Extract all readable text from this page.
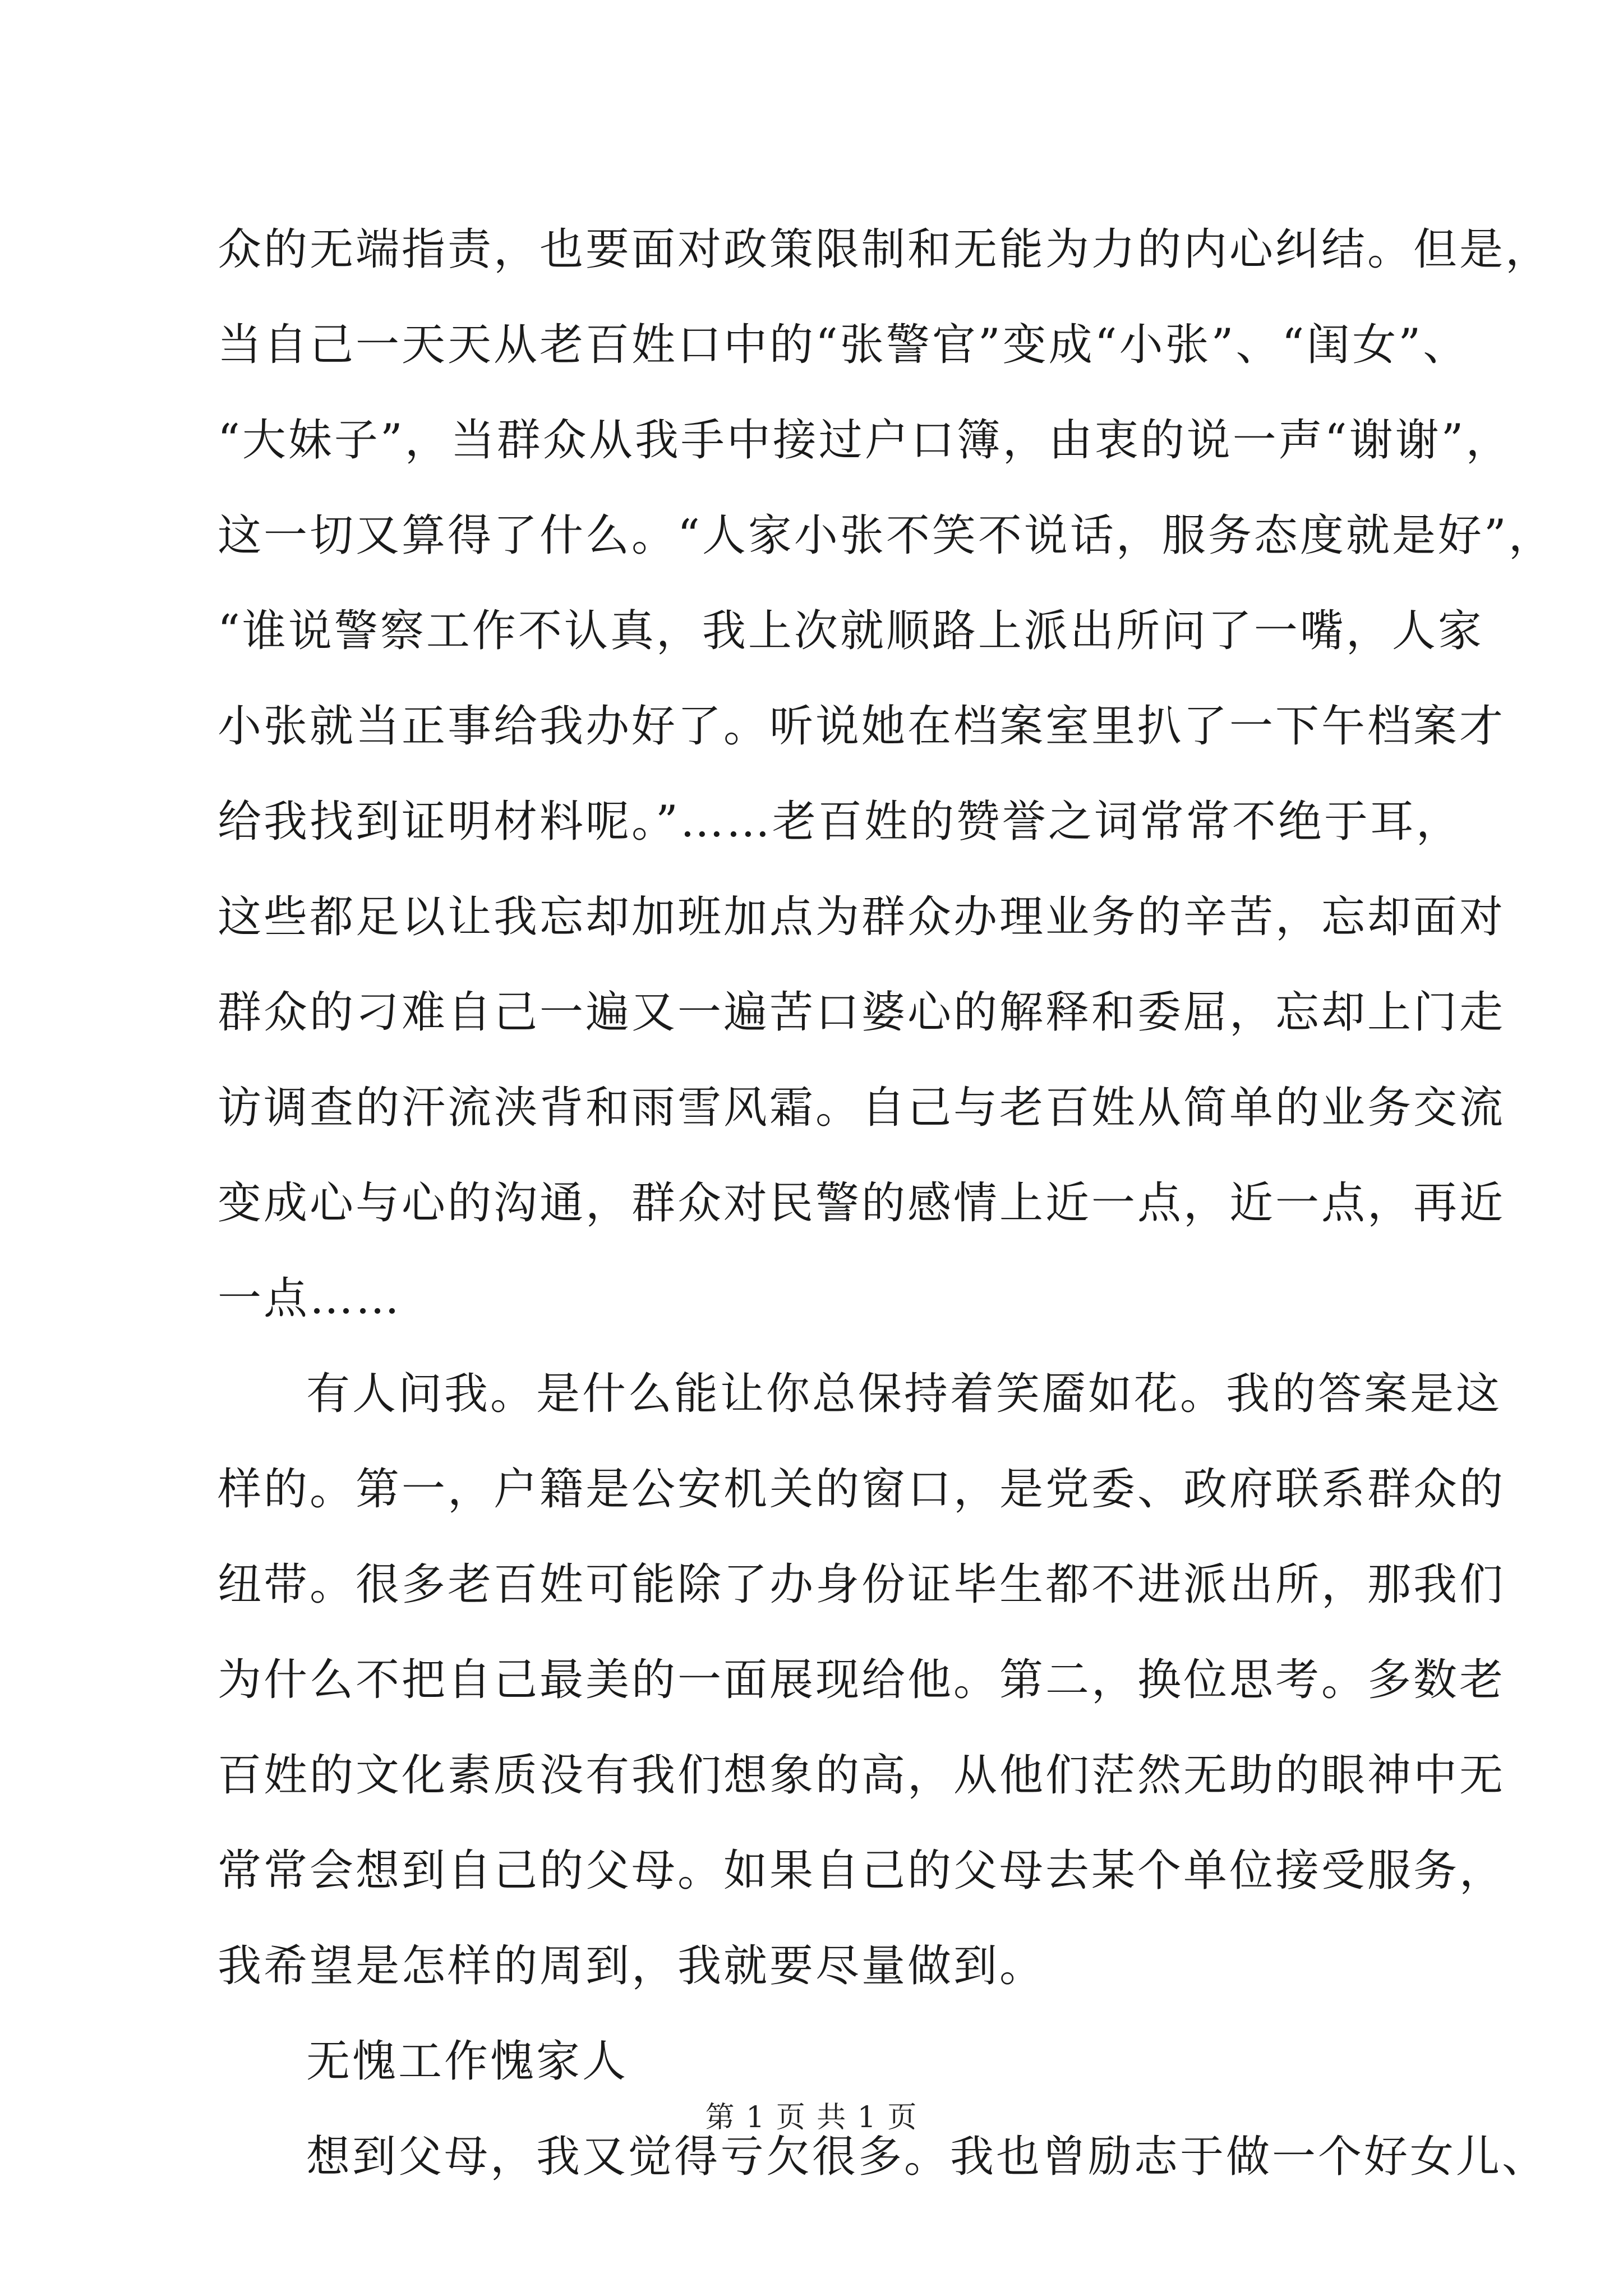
众的无端指责，也要面对政策限制和无能为力的内心纠结。但是，
当自己一天天从老百姓口中的“张警官”变成“小张”、“闺女”、
“大妹子”，当群众从我手中接过户口簿，由衷的说一声“谢谢”，
这一切又算得了什么。“人家小张不笑不说话，服务态度就是好”，
“谁说警察工作不认真，我上次就顺路上派出所问了一嘴，人家
小张就当正事给我办好了。听说她在档案室里扒了一下午档案才
给我找到证明材料呢。”……老百姓的赞誉之词常常不绝于耳，
这些都足以让我忘却加班加点为群众办理业务的辛苦，忘却面对
群众的刁难自己一遍又一遍苦口婆心的解释和委屈，忘却上门走
访调查的汗流浃背和雨雪风霜。自己与老百姓从简单的业务交流
变成心与心的沟通，群众对民警的感情上近一点，近一点，再近
一点……
有人问我。是什么能让你总保持着笑靥如花。我的答案是这
样的。第一，户籍是公安机关的窗口，是党委、政府联系群众的
纽带。很多老百姓可能除了办身份证毕生都不进派出所，那我们
为什么不把自己最美的一面展现给他。第二，换位思考。多数老
百姓的文化素质没有我们想象的高，从他们茫然无助的眼神中无
常常会想到自己的父母。如果自己的父母去某个单位接受服务，
我希望是怎样的周到，我就要尽量做到。
无愧工作愧家人
想到父母，我又觉得亏欠很多。我也曾励志于做一个好女儿、
第 1 页 共 1 页
